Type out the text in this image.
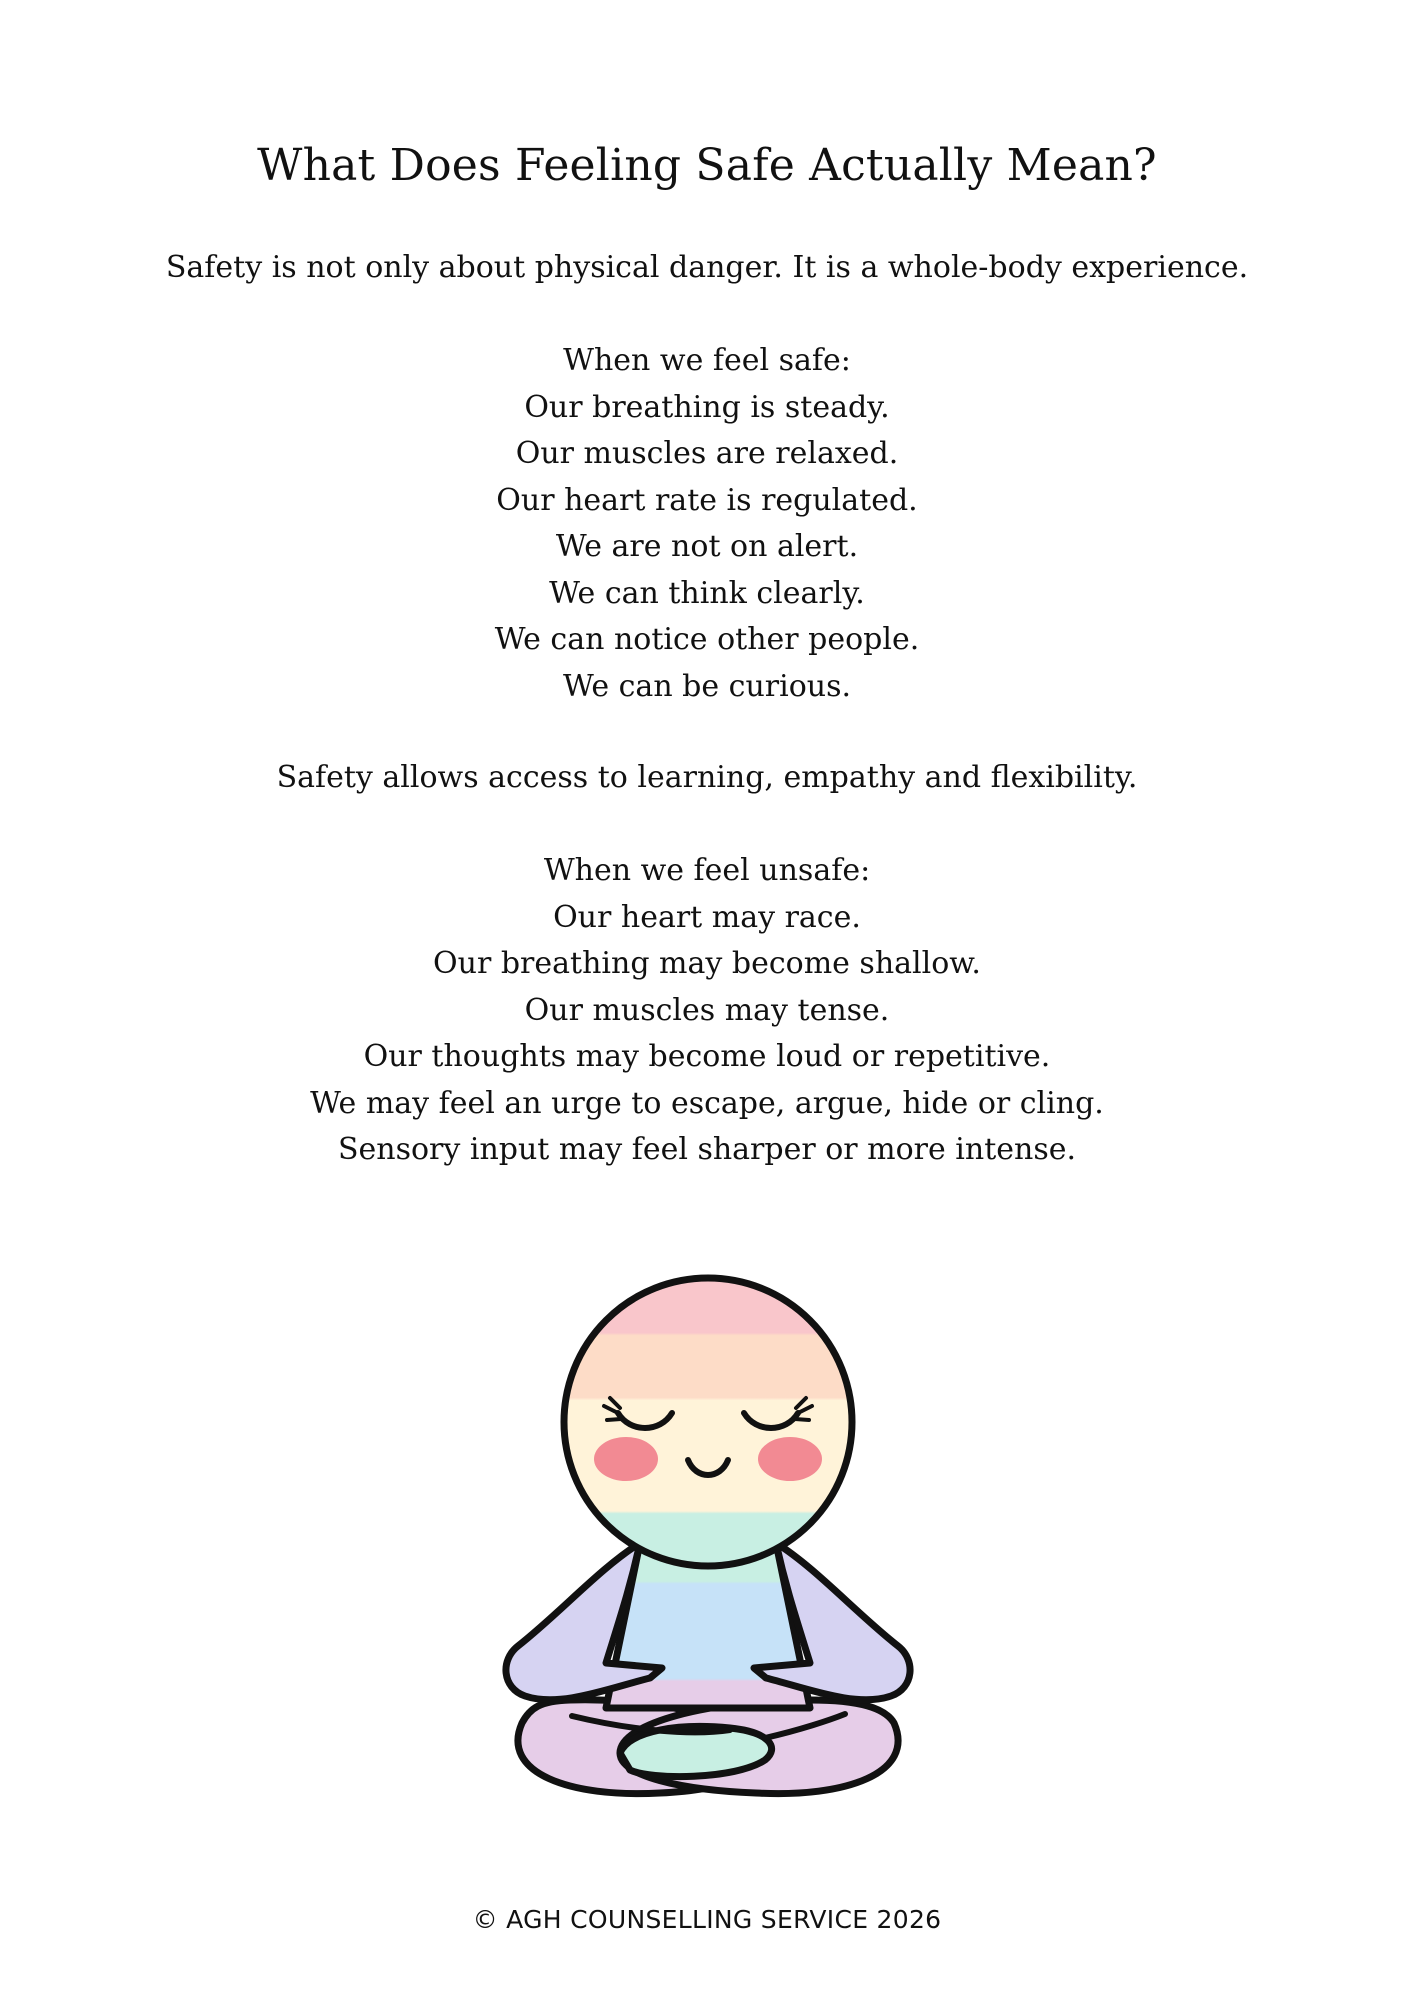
What Does Feeling Safe Actually Mean?

Safety is not only about physical danger. It is a whole-body experience.

When we feel safe:
Our breathing is steady.
Our muscles are relaxed.
Our heart rate is regulated.
We are not on alert.
We can think clearly.
We can notice other people.
We can be curious.

Safety allows access to learning, empathy and flexibility.

When we feel unsafe:
Our heart may race.
Our breathing may become shallow.
Our muscles may tense.
Our thoughts may become loud or repetitive.
We may feel an urge to escape, argue, hide or cling.
Sensory input may feel sharper or more intense.

© AGH COUNSELLING SERVICE 2026
